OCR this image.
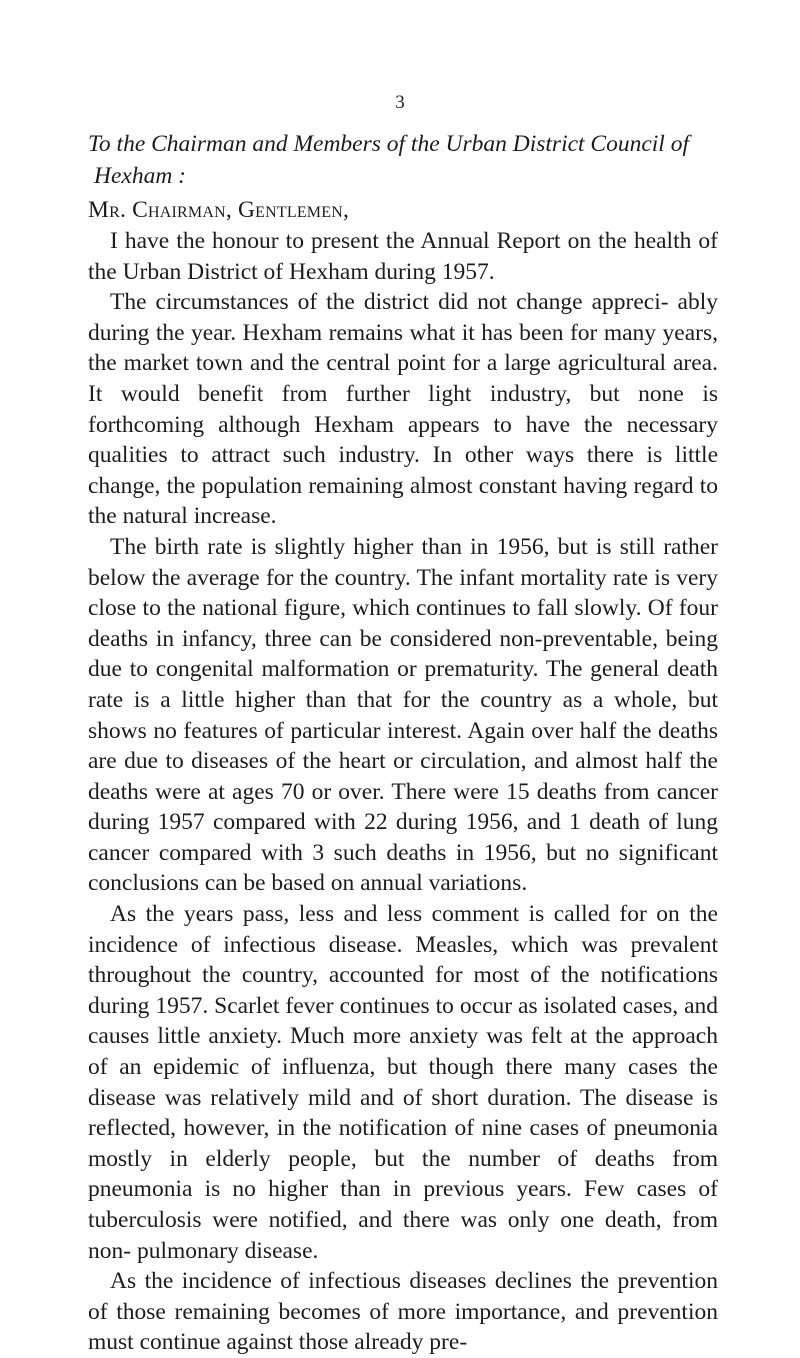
3

To the Chairman and Members of the Urban District Council of Hexham :

Mr. Chairman, Gentlemen,

I have the honour to present the Annual Report on the health of the Urban District of Hexham during 1957.

The circumstances of the district did not change appreci- ably during the year. Hexham remains what it has been for many years, the market town and the central point for a large agricultural area. It would benefit from further light industry, but none is forthcoming although Hexham appears to have the necessary qualities to attract such industry. In other ways there is little change, the population remaining almost constant having regard to the natural increase.

The birth rate is slightly higher than in 1956, but is still rather below the average for the country. The infant mortality rate is very close to the national figure, which continues to fall slowly. Of four deaths in infancy, three can be considered non-preventable, being due to congenital malformation or prematurity. The general death rate is a little higher than that for the country as a whole, but shows no features of particular interest. Again over half the deaths are due to diseases of the heart or circulation, and almost half the deaths were at ages 70 or over. There were 15 deaths from cancer during 1957 compared with 22 during 1956, and 1 death of lung cancer compared with 3 such deaths in 1956, but no significant conclusions can be based on annual variations.

As the years pass, less and less comment is called for on the incidence of infectious disease. Measles, which was prevalent throughout the country, accounted for most of the notifications during 1957. Scarlet fever continues to occur as isolated cases, and causes little anxiety. Much more anxiety was felt at the approach of an epidemic of influenza, but though there many cases the disease was relatively mild and of short duration. The disease is reflected, however, in the notification of nine cases of pneumonia mostly in elderly people, but the number of deaths from pneumonia is no higher than in previous years. Few cases of tuberculosis were notified, and there was only one death, from non- pulmonary disease.

As the incidence of infectious diseases declines the prevention of those remaining becomes of more importance, and prevention must continue against those already pre-
